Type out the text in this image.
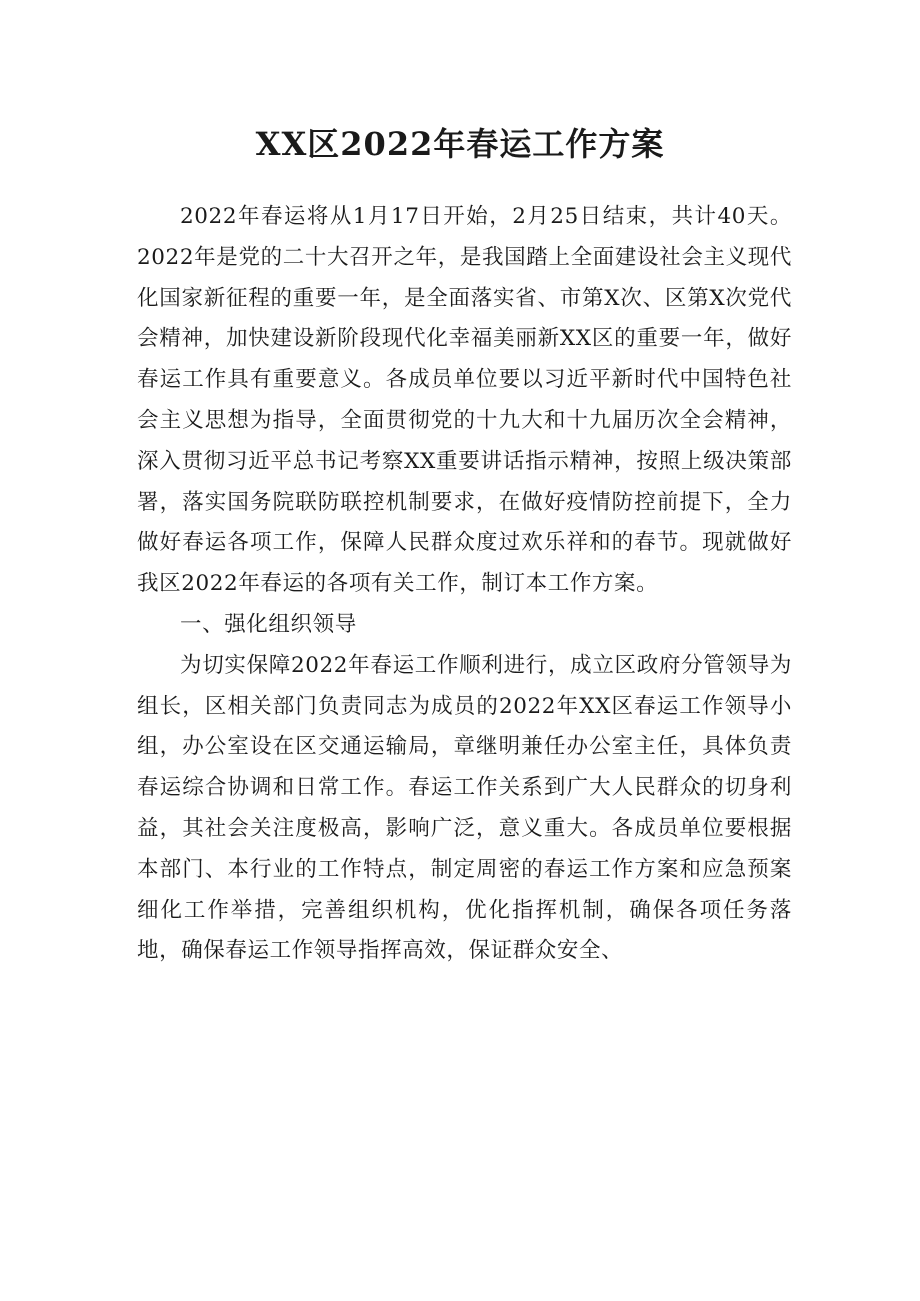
XX区2022年春运工作方案

2022年春运将从1月17日开始，2月25日结束，共计40天。2022年是党的二十大召开之年，是我国踏上全面建设社会主义现代化国家新征程的重要一年，是全面落实省、市第X次、区第X次党代会精神，加快建设新阶段现代化幸福美丽新XX区的重要一年，做好春运工作具有重要意义。各成员单位要以习近平新时代中国特色社会主义思想为指导，全面贯彻党的十九大和十九届历次全会精神，深入贯彻习近平总书记考察XX重要讲话指示精神，按照上级决策部署，落实国务院联防联控机制要求，在做好疫情防控前提下，全力做好春运各项工作，保障人民群众度过欢乐祥和的春节。现就做好我区2022年春运的各项有关工作，制订本工作方案。

一、强化组织领导

为切实保障2022年春运工作顺利进行，成立区政府分管领导为组长，区相关部门负责同志为成员的2022年XX区春运工作领导小组，办公室设在区交通运输局，章继明兼任办公室主任，具体负责春运综合协调和日常工作。春运工作关系到广大人民群众的切身利益，其社会关注度极高，影响广泛，意义重大。各成员单位要根据本部门、本行业的工作特点，制定周密的春运工作方案和应急预案细化工作举措，完善组织机构，优化指挥机制，确保各项任务落地，确保春运工作领导指挥高效，保证群众安全、
